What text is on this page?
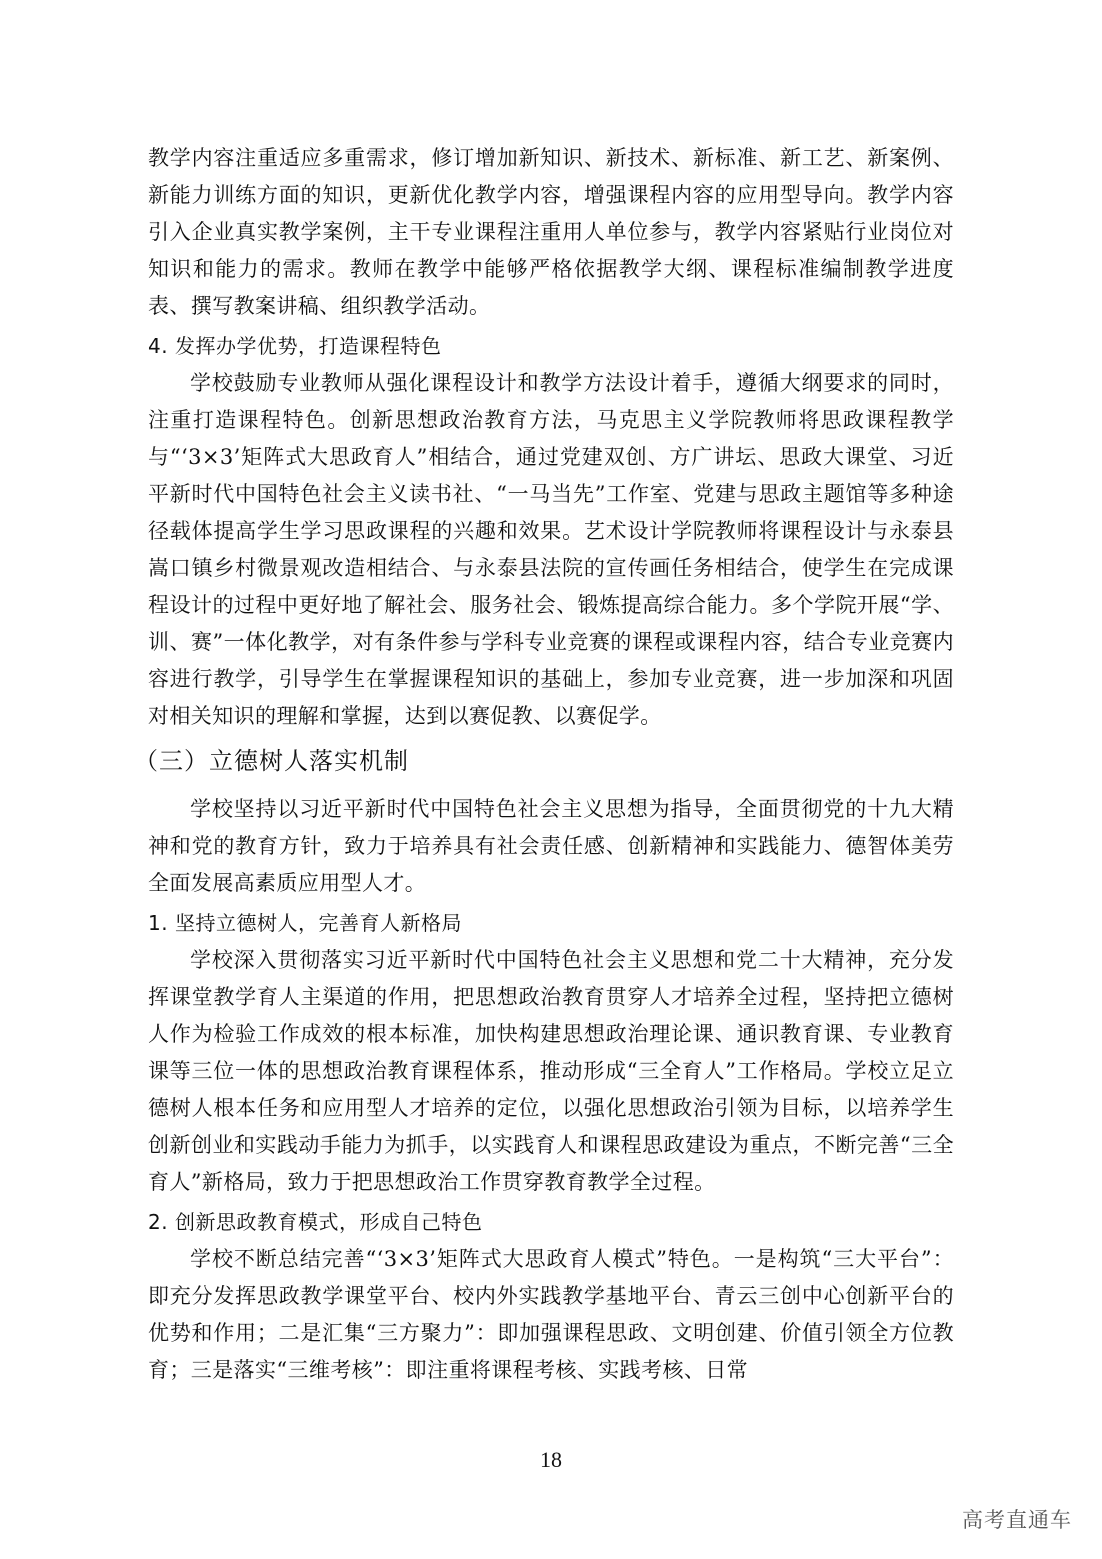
教学内容注重适应多重需求，修订增加新知识、新技术、新标准、新工艺、新案例、新能力训练方面的知识，更新优化教学内容，增强课程内容的应用型导向。教学内容引入企业真实教学案例，主干专业课程注重用人单位参与，教学内容紧贴行业岗位对知识和能力的需求。教师在教学中能够严格依据教学大纲、课程标准编制教学进度表、撰写教案讲稿、组织教学活动。

4. 发挥办学优势，打造课程特色

学校鼓励专业教师从强化课程设计和教学方法设计着手，遵循大纲要求的同时，注重打造课程特色。创新思想政治教育方法，马克思主义学院教师将思政课程教学与“‘3×3’矩阵式大思政育人”相结合，通过党建双创、方广讲坛、思政大课堂、习近平新时代中国特色社会主义读书社、“一马当先”工作室、党建与思政主题馆等多种途径载体提高学生学习思政课程的兴趣和效果。艺术设计学院教师将课程设计与永泰县嵩口镇乡村微景观改造相结合、与永泰县法院的宣传画任务相结合，使学生在完成课程设计的过程中更好地了解社会、服务社会、锻炼提高综合能力。多个学院开展“学、训、赛”一体化教学，对有条件参与学科专业竞赛的课程或课程内容，结合专业竞赛内容进行教学，引导学生在掌握课程知识的基础上，参加专业竞赛，进一步加深和巩固对相关知识的理解和掌握，达到以赛促教、以赛促学。

（三）立德树人落实机制

学校坚持以习近平新时代中国特色社会主义思想为指导，全面贯彻党的十九大精神和党的教育方针，致力于培养具有社会责任感、创新精神和实践能力、德智体美劳全面发展高素质应用型人才。

1. 坚持立德树人，完善育人新格局

学校深入贯彻落实习近平新时代中国特色社会主义思想和党二十大精神，充分发挥课堂教学育人主渠道的作用，把思想政治教育贯穿人才培养全过程，坚持把立德树人作为检验工作成效的根本标准，加快构建思想政治理论课、通识教育课、专业教育课等三位一体的思想政治教育课程体系，推动形成“三全育人”工作格局。学校立足立德树人根本任务和应用型人才培养的定位，以强化思想政治引领为目标，以培养学生创新创业和实践动手能力为抓手，以实践育人和课程思政建设为重点，不断完善“三全育人”新格局，致力于把思想政治工作贯穿教育教学全过程。

2. 创新思政教育模式，形成自己特色

学校不断总结完善“‘3×3’矩阵式大思政育人模式”特色。一是构筑“三大平台”：即充分发挥思政教学课堂平台、校内外实践教学基地平台、青云三创中心创新平台的优势和作用；二是汇集“三方聚力”：即加强课程思政、文明创建、价值引领全方位教育；三是落实“三维考核”：即注重将课程考核、实践考核、日常

18
高考直通车
